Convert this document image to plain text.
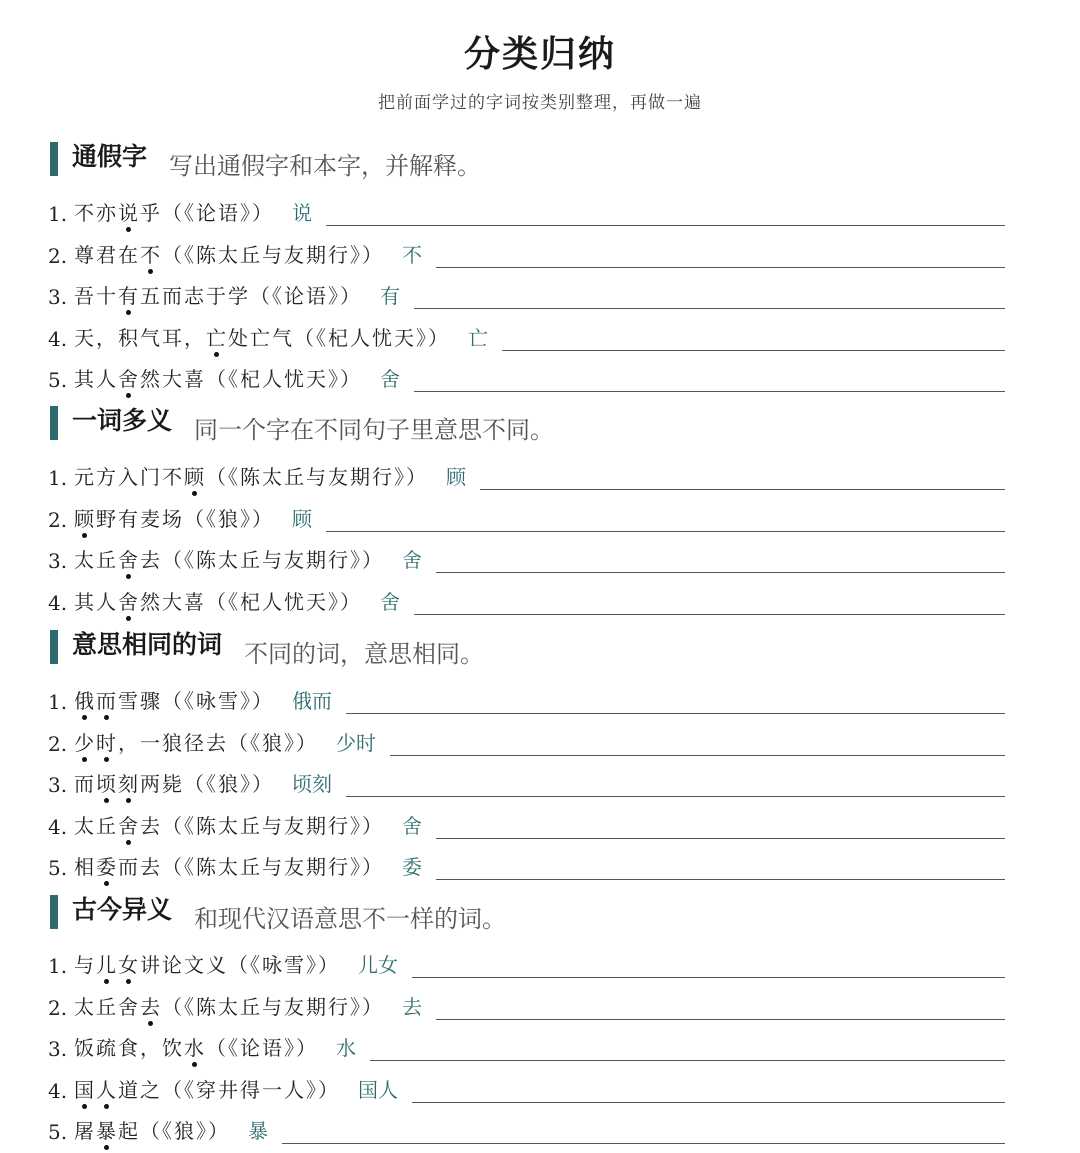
分类归纳
把前面学过的字词按类别整理，再做一遍
通假字 写出通假字和本字，并解释。
1. 不亦说乎（《论语》） 说
2. 尊君在不（《陈太丘与友期行》） 不
3. 吾十有五而志于学（《论语》） 有
4. 天，积气耳，亡处亡气（《杞人忧天》） 亡
5. 其人舍然大喜（《杞人忧天》） 舍
一词多义 同一个字在不同句子里意思不同。
1. 元方入门不顾（《陈太丘与友期行》） 顾
2. 顾野有麦场（《狼》） 顾
3. 太丘舍去（《陈太丘与友期行》） 舍
4. 其人舍然大喜（《杞人忧天》） 舍
意思相同的词 不同的词，意思相同。
1. 俄而雪骤（《咏雪》） 俄而
2. 少时，一狼径去（《狼》） 少时
3. 而顷刻两毙（《狼》） 顷刻
4. 太丘舍去（《陈太丘与友期行》） 舍
5. 相委而去（《陈太丘与友期行》） 委
古今异义 和现代汉语意思不一样的词。
1. 与儿女讲论文义（《咏雪》） 儿女
2. 太丘舍去（《陈太丘与友期行》） 去
3. 饭疏食，饮水（《论语》） 水
4. 国人道之（《穿井得一人》） 国人
5. 屠暴起（《狼》） 暴
